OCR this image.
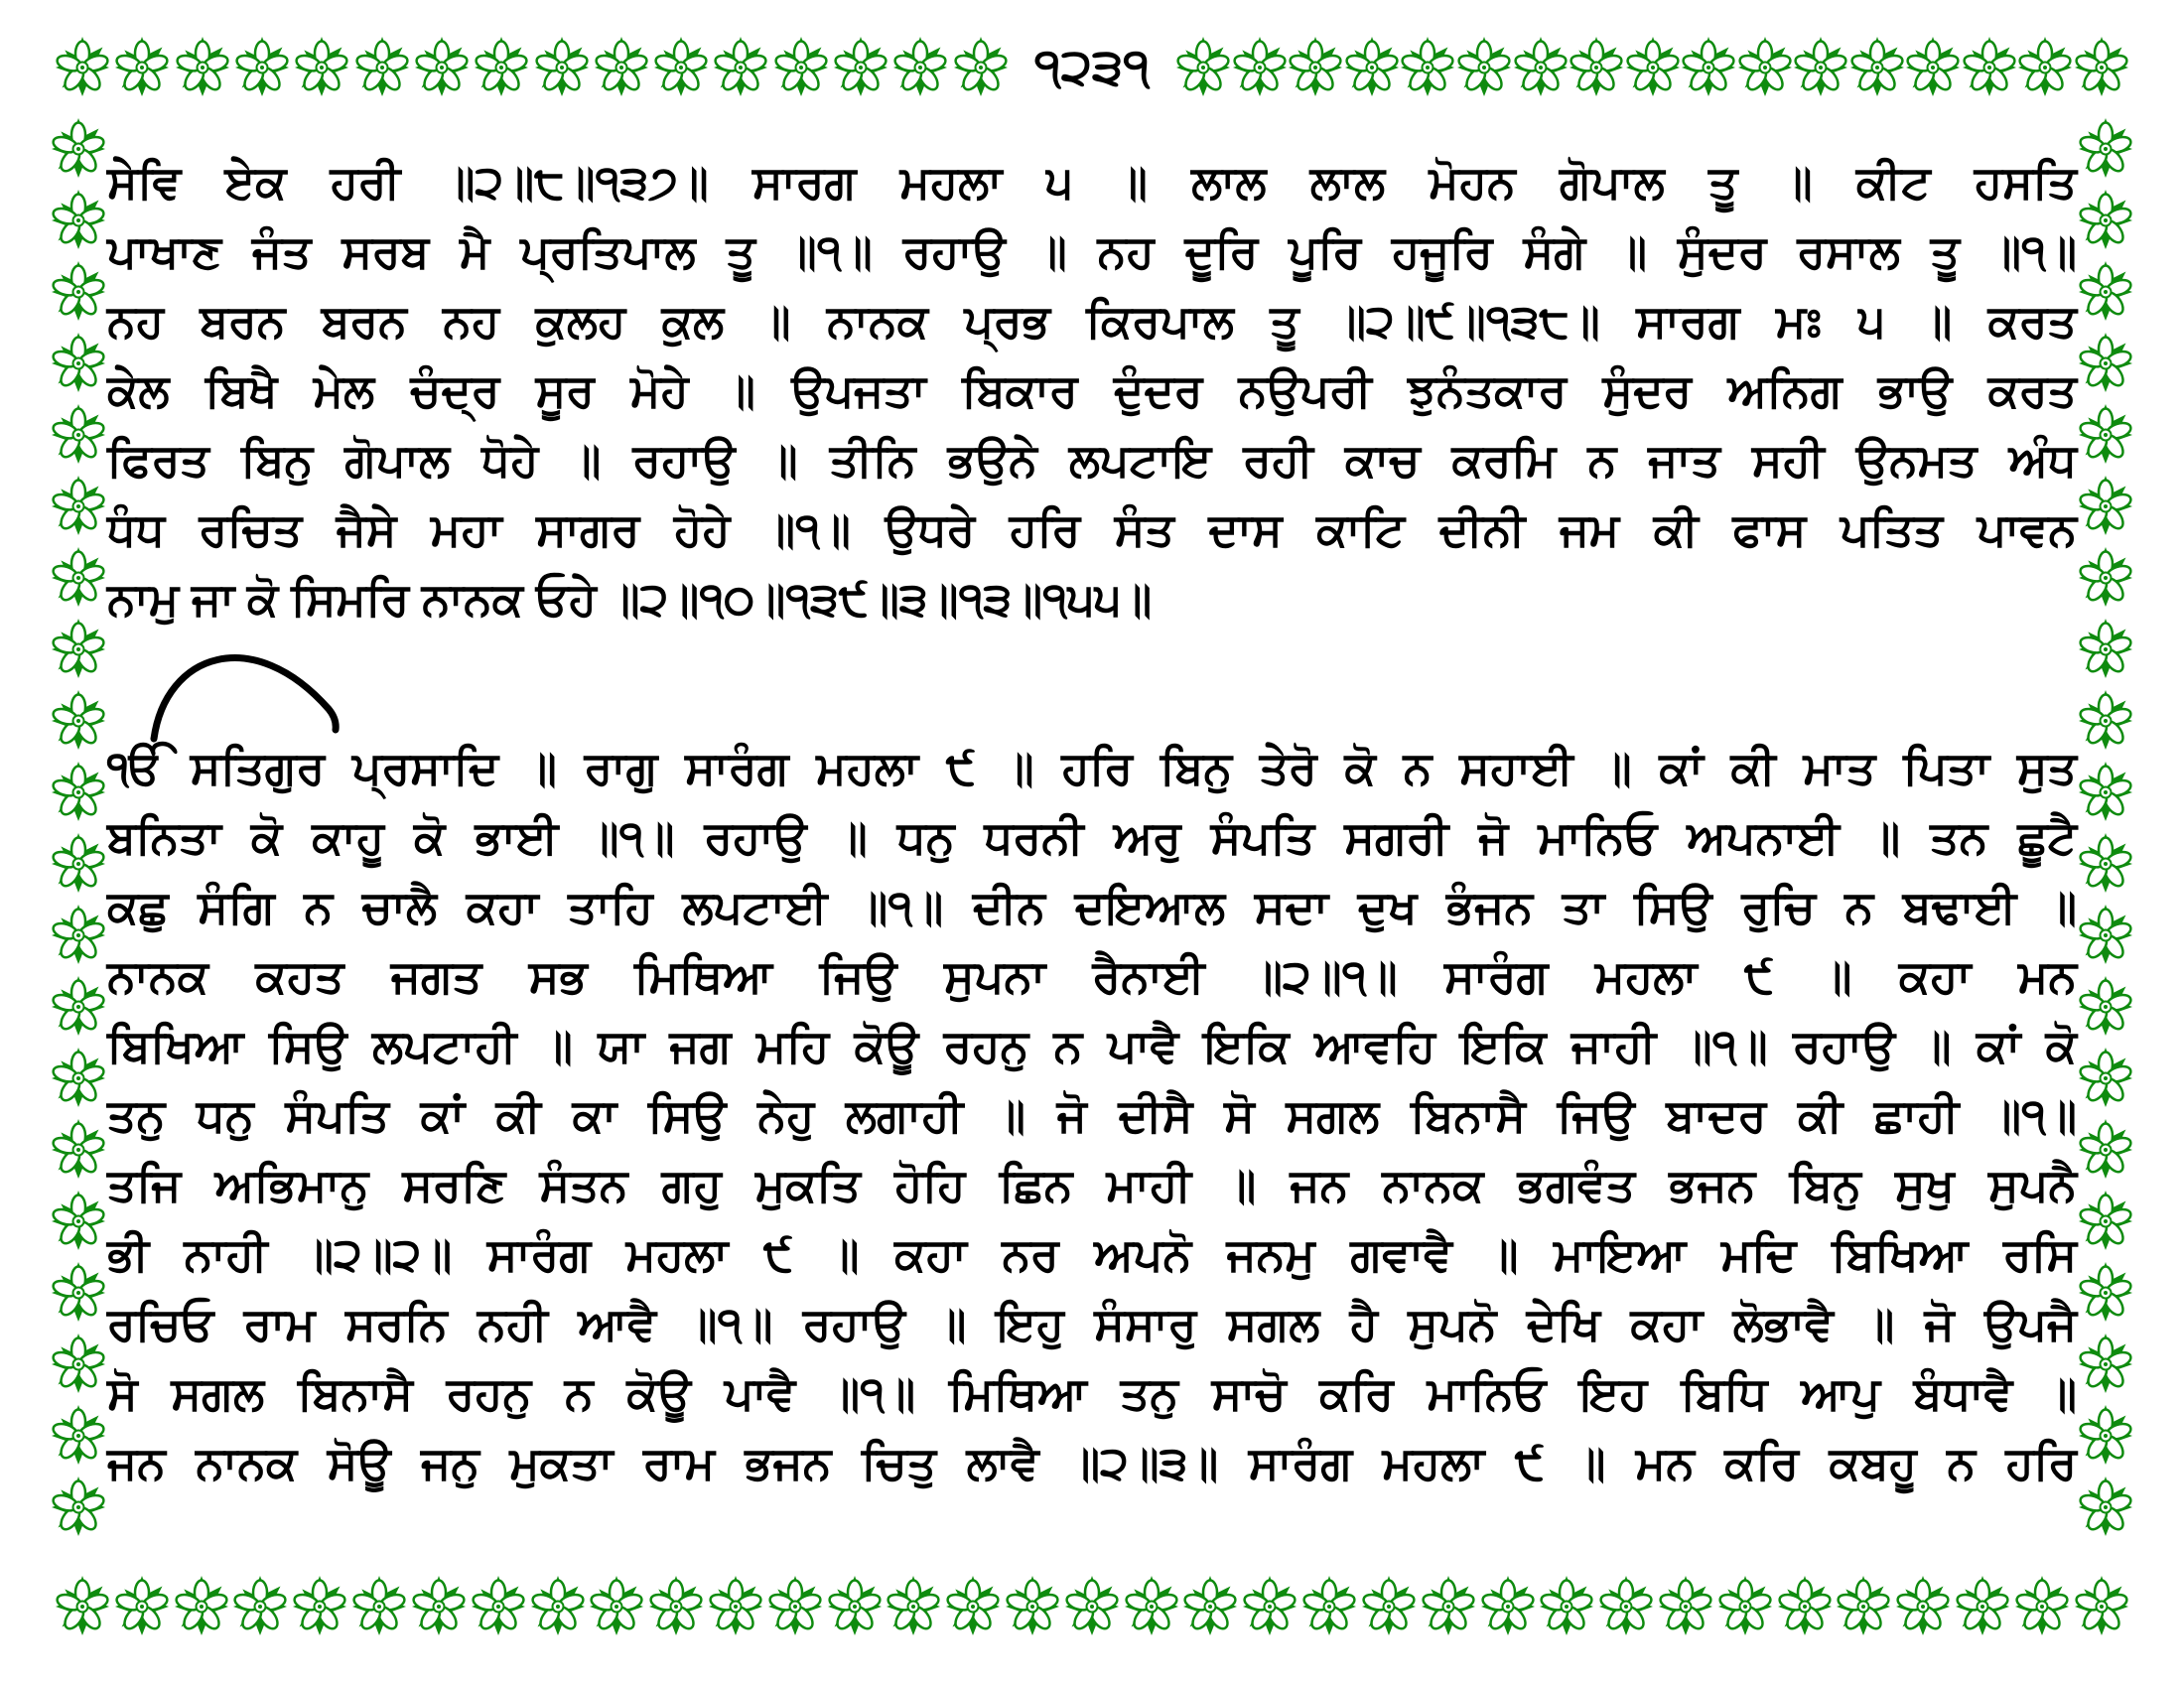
੧੨੩੧
ਸੇਵਿ ਏਕ ਹਰੀ ॥੨॥੮॥੧੩੭॥ ਸਾਰਗ ਮਹਲਾ ੫ ॥ ਲਾਲ ਲਾਲ ਮੋਹਨ ਗੋਪਾਲ ਤੂ ॥ ਕੀਟ ਹਸਤਿ
ਪਾਖਾਣ ਜੰਤ ਸਰਬ ਮੈ ਪ੍ਰਤਿਪਾਲ ਤੂ ॥੧॥ ਰਹਾਉ ॥ ਨਹ ਦੂਰਿ ਪੂਰਿ ਹਜੂਰਿ ਸੰਗੇ ॥ ਸੁੰਦਰ ਰਸਾਲ ਤੂ ॥੧॥
ਨਹ ਬਰਨ ਬਰਨ ਨਹ ਕੁਲਹ ਕੁਲ ॥ ਨਾਨਕ ਪ੍ਰਭ ਕਿਰਪਾਲ ਤੂ ॥੨॥੯॥੧੩੮॥ ਸਾਰਗ ਮਃ ੫ ॥ ਕਰਤ
ਕੇਲ ਬਿਖੈ ਮੇਲ ਚੰਦ੍ਰ ਸੂਰ ਮੋਹੇ ॥ ਉਪਜਤਾ ਬਿਕਾਰ ਦੁੰਦਰ ਨਉਪਰੀ ਝੁਨੰਤਕਾਰ ਸੁੰਦਰ ਅਨਿਗ ਭਾਉ ਕਰਤ
ਫਿਰਤ ਬਿਨੁ ਗੋਪਾਲ ਧੋਹੇ ॥ ਰਹਾਉ ॥ ਤੀਨਿ ਭਉਨੇ ਲਪਟਾਇ ਰਹੀ ਕਾਚ ਕਰਮਿ ਨ ਜਾਤ ਸਹੀ ਉਨਮਤ ਅੰਧ
ਧੰਧ ਰਚਿਤ ਜੈਸੇ ਮਹਾ ਸਾਗਰ ਹੋਹੇ ॥੧॥ ਉਧਰੇ ਹਰਿ ਸੰਤ ਦਾਸ ਕਾਟਿ ਦੀਨੀ ਜਮ ਕੀ ਫਾਸ ਪਤਿਤ ਪਾਵਨ
ਨਾਮੁ ਜਾ ਕੋ ਸਿਮਰਿ ਨਾਨਕ ਓਹੇ ॥੨॥੧੦॥੧੩੯॥੩॥੧੩॥੧੫੫॥
ੴ ਸਤਿਗੁਰ ਪ੍ਰਸਾਦਿ ॥ ਰਾਗੁ ਸਾਰੰਗ ਮਹਲਾ ੯ ॥ ਹਰਿ ਬਿਨੁ ਤੇਰੋ ਕੋ ਨ ਸਹਾਈ ॥ ਕਾਂ ਕੀ ਮਾਤ ਪਿਤਾ ਸੁਤ
ਬਨਿਤਾ ਕੋ ਕਾਹੂ ਕੋ ਭਾਈ ॥੧॥ ਰਹਾਉ ॥ ਧਨੁ ਧਰਨੀ ਅਰੁ ਸੰਪਤਿ ਸਗਰੀ ਜੋ ਮਾਨਿਓ ਅਪਨਾਈ ॥ ਤਨ ਛੂਟੈ
ਕਛੁ ਸੰਗਿ ਨ ਚਾਲੈ ਕਹਾ ਤਾਹਿ ਲਪਟਾਈ ॥੧॥ ਦੀਨ ਦਇਆਲ ਸਦਾ ਦੁਖ ਭੰਜਨ ਤਾ ਸਿਉ ਰੁਚਿ ਨ ਬਢਾਈ ॥
ਨਾਨਕ ਕਹਤ ਜਗਤ ਸਭ ਮਿਥਿਆ ਜਿਉ ਸੁਪਨਾ ਰੈਨਾਈ ॥੨॥੧॥ ਸਾਰੰਗ ਮਹਲਾ ੯ ॥ ਕਹਾ ਮਨ
ਬਿਖਿਆ ਸਿਉ ਲਪਟਾਹੀ ॥ ਯਾ ਜਗ ਮਹਿ ਕੋਊ ਰਹਨੁ ਨ ਪਾਵੈ ਇਕਿ ਆਵਹਿ ਇਕਿ ਜਾਹੀ ॥੧॥ ਰਹਾਉ ॥ ਕਾਂ ਕੋ
ਤਨੁ ਧਨੁ ਸੰਪਤਿ ਕਾਂ ਕੀ ਕਾ ਸਿਉ ਨੇਹੁ ਲਗਾਹੀ ॥ ਜੋ ਦੀਸੈ ਸੋ ਸਗਲ ਬਿਨਾਸੈ ਜਿਉ ਬਾਦਰ ਕੀ ਛਾਹੀ ॥੧॥
ਤਜਿ ਅਭਿਮਾਨੁ ਸਰਣਿ ਸੰਤਨ ਗਹੁ ਮੁਕਤਿ ਹੋਹਿ ਛਿਨ ਮਾਹੀ ॥ ਜਨ ਨਾਨਕ ਭਗਵੰਤ ਭਜਨ ਬਿਨੁ ਸੁਖੁ ਸੁਪਨੈ
ਭੀ ਨਾਹੀ ॥੨॥੨॥ ਸਾਰੰਗ ਮਹਲਾ ੯ ॥ ਕਹਾ ਨਰ ਅਪਨੋ ਜਨਮੁ ਗਵਾਵੈ ॥ ਮਾਇਆ ਮਦਿ ਬਿਖਿਆ ਰਸਿ
ਰਚਿਓ ਰਾਮ ਸਰਨਿ ਨਹੀ ਆਵੈ ॥੧॥ ਰਹਾਉ ॥ ਇਹੁ ਸੰਸਾਰੁ ਸਗਲ ਹੈ ਸੁਪਨੋ ਦੇਖਿ ਕਹਾ ਲੋਭਾਵੈ ॥ ਜੋ ਉਪਜੈ
ਸੋ ਸਗਲ ਬਿਨਾਸੈ ਰਹਨੁ ਨ ਕੋਊ ਪਾਵੈ ॥੧॥ ਮਿਥਿਆ ਤਨੁ ਸਾਚੋ ਕਰਿ ਮਾਨਿਓ ਇਹ ਬਿਧਿ ਆਪੁ ਬੰਧਾਵੈ ॥
ਜਨ ਨਾਨਕ ਸੋਊ ਜਨੁ ਮੁਕਤਾ ਰਾਮ ਭਜਨ ਚਿਤੁ ਲਾਵੈ ॥੨॥੩॥ ਸਾਰੰਗ ਮਹਲਾ ੯ ॥ ਮਨ ਕਰਿ ਕਬਹੂ ਨ ਹਰਿ
